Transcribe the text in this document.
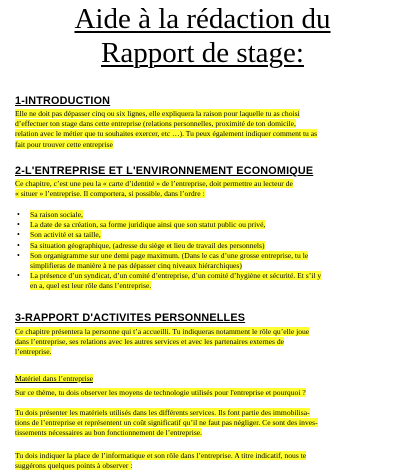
Aide à la rédaction du
Rapport de stage:
1-INTRODUCTION
Elle ne doit pas dépasser cinq ou six lignes, elle expliquera la raison pour laquelle tu as choisi
d’effectuer ton stage dans cette entreprise (relations personnelles, proximité de ton domicile,
relation avec le métier que tu souhaites exercer, etc …). Tu peux également indiquer comment tu as
fait pour trouver cette entreprise
2-L'ENTREPRISE ET L'ENVIRONNEMENT ECONOMIQUE
Ce chapitre, c’est une peu la « carte d’identité » de l’entreprise, doit permettre au lecteur de
« situer » l’entreprise. Il comportera, si possible, dans l’ordre :
• Sa raison sociale,
• La date de sa création, sa forme juridique ainsi que son statut public ou privé,
• Son activité et sa taille,
• Sa situation géographique, (adresse du siège et lieu de travail des personnels)
• Son organigramme sur une demi page maximum. (Dans le cas d’une grosse entreprise, tu le
simplifieras de manière à ne pas dépasser cinq niveaux hiérarchiques)
• La présence d’un syndicat, d’un comité d’entreprise, d’un comité d’hygiène et sécurité. Et s’il y
en a, quel est leur rôle dans l’entreprise.
3-RAPPORT D'ACTIVITES PERSONNELLES
Ce chapitre présentera la personne qui t’a accueilli. Tu indiqueras notamment le rôle qu’elle joue
dans l’entreprise, ses relations avec les autres services et avec les partenaires externes de
l’entreprise.
Matériel dans l’entreprise
Sur ce thème, tu dois observer les moyens de technologie utilisés pour l'entreprise et pourquoi ?
Tu dois présenter les matériels utilisés dans les différents services. Ils font partie des immobilisa-
tions de l’entreprise et représentent un coût significatif qu’il ne faut pas négliger. Ce sont des inves-
tissements nécessaires au bon fonctionnement de l’entreprise.
Tu dois indiquer la place de l’informatique et son rôle dans l’entreprise. A titre indicatif, nous te
suggérons quelques points à observer :
